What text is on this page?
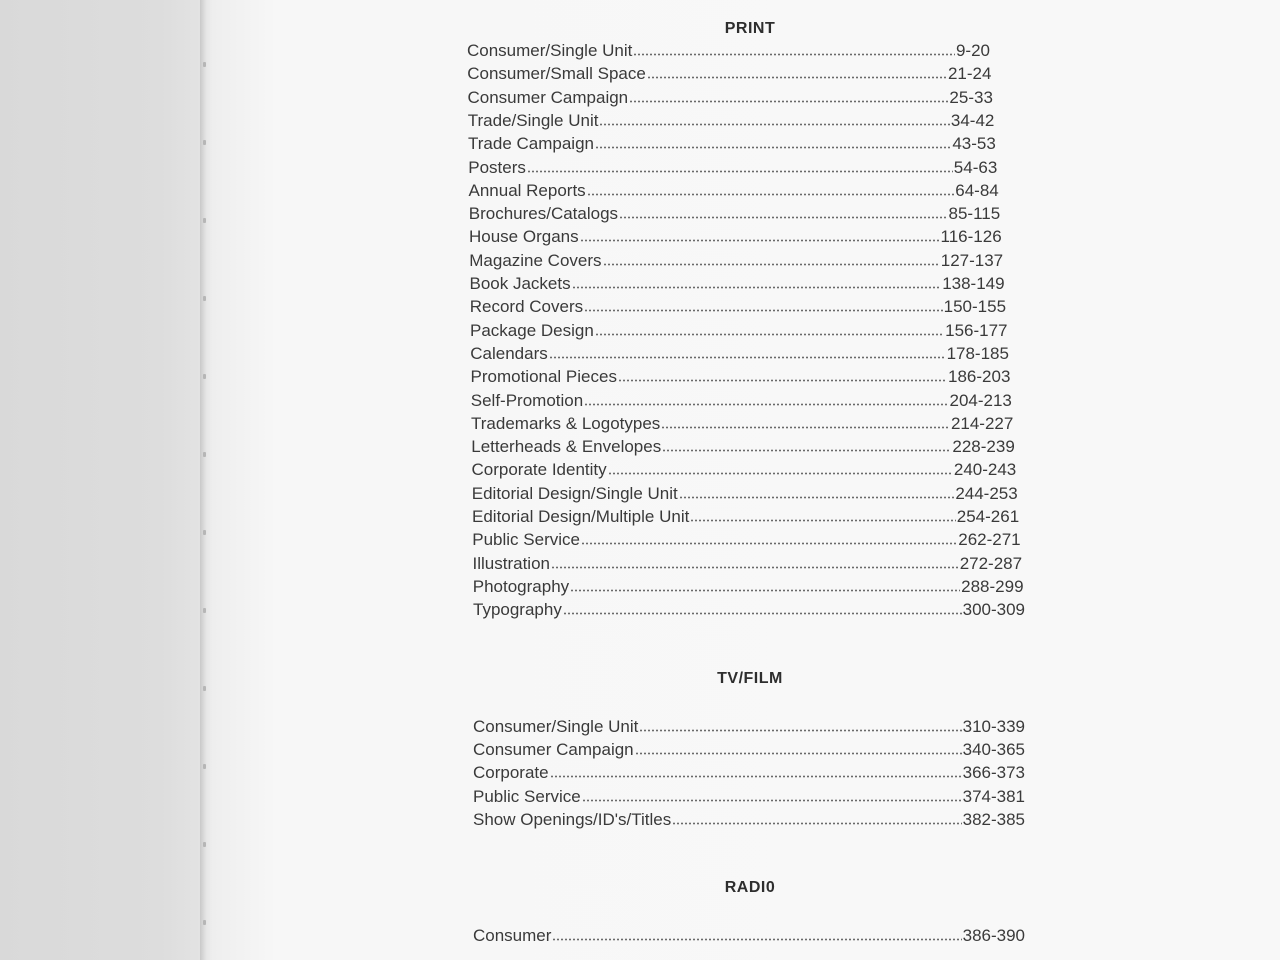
PRINT
Consumer/Single Unit	9-20
Consumer/Small Space	21-24
Consumer Campaign	25-33
Trade/Single Unit	34-42
Trade Campaign	43-53
Posters	54-63
Annual Reports	64-84
Brochures/Catalogs	85-115
House Organs	116-126
Magazine Covers	127-137
Book Jackets	138-149
Record Covers	150-155
Package Design	156-177
Calendars	178-185
Promotional Pieces	186-203
Self-Promotion	204-213
Trademarks & Logotypes	214-227
Letterheads & Envelopes	228-239
Corporate Identity	240-243
Editorial Design/Single Unit	244-253
Editorial Design/Multiple Unit	254-261
Public Service	262-271
Illustration	272-287
Photography	288-299
Typography	300-309
TV/FILM
Consumer/Single Unit	310-339
Consumer Campaign	340-365
Corporate	366-373
Public Service	374-381
Show Openings/ID's/Titles	382-385
RADI0
Consumer	386-390
